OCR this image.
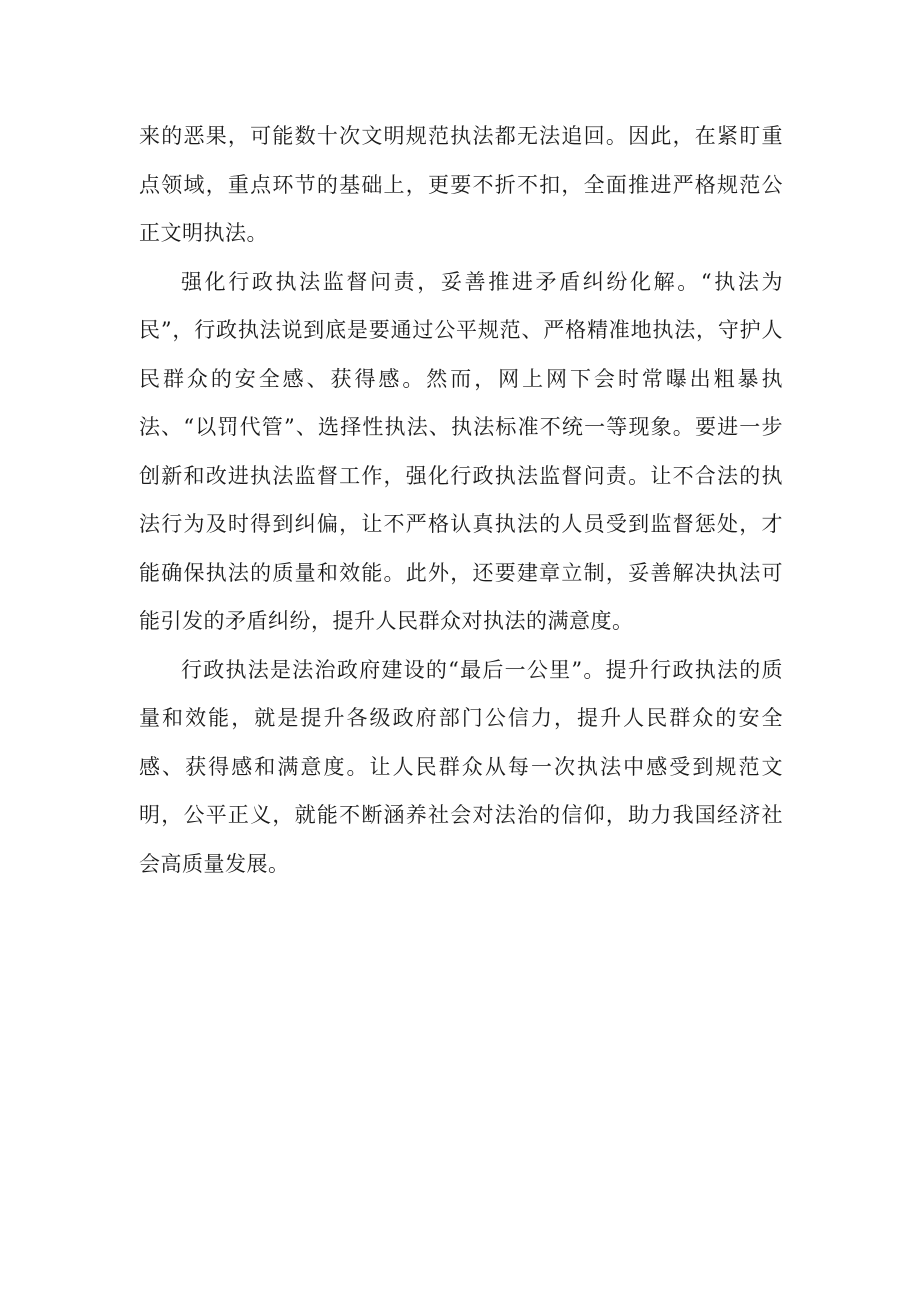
来的恶果，可能数十次文明规范执法都无法追回。因此，在紧盯重点领域，重点环节的基础上，更要不折不扣，全面推进严格规范公正文明执法。

强化行政执法监督问责，妥善推进矛盾纠纷化解。“执法为民”，行政执法说到底是要通过公平规范、严格精准地执法，守护人民群众的安全感、获得感。然而，网上网下会时常曝出粗暴执法、“以罚代管”、选择性执法、执法标准不统一等现象。要进一步创新和改进执法监督工作，强化行政执法监督问责。让不合法的执法行为及时得到纠偏，让不严格认真执法的人员受到监督惩处，才能确保执法的质量和效能。此外，还要建章立制，妥善解决执法可能引发的矛盾纠纷，提升人民群众对执法的满意度。

行政执法是法治政府建设的“最后一公里”。提升行政执法的质量和效能，就是提升各级政府部门公信力，提升人民群众的安全感、获得感和满意度。让人民群众从每一次执法中感受到规范文明，公平正义，就能不断涵养社会对法治的信仰，助力我国经济社会高质量发展。
